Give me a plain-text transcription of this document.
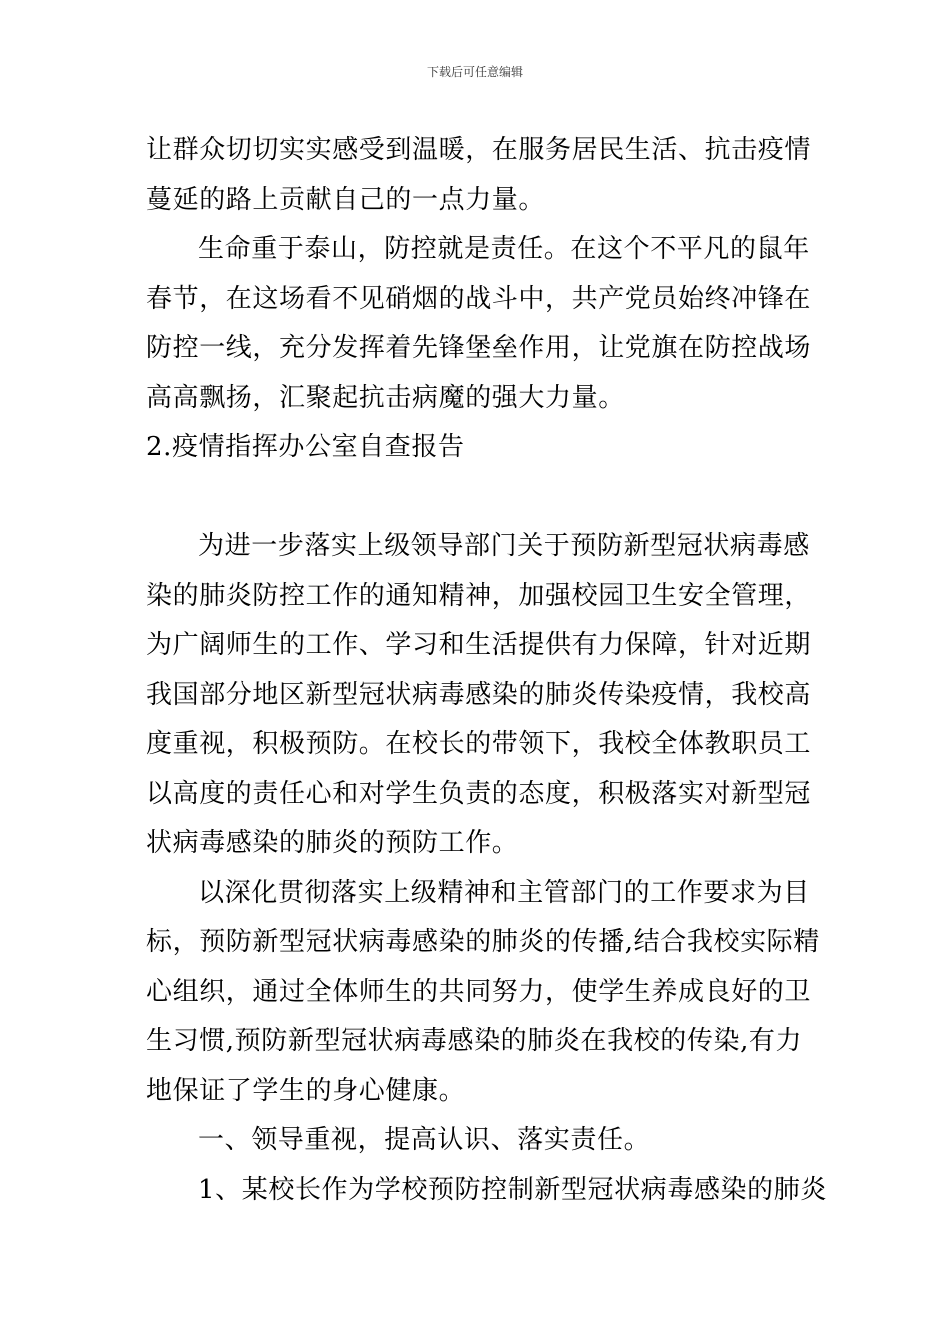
下载后可任意编辑
让群众切切实实感受到温暖，在服务居民生活、抗击疫情
蔓延的路上贡献自己的一点力量。
生命重于泰山，防控就是责任。在这个不平凡的鼠年
春节，在这场看不见硝烟的战斗中，共产党员始终冲锋在
防控一线，充分发挥着先锋堡垒作用，让党旗在防控战场
高高飘扬，汇聚起抗击病魔的强大力量。
2.疫情指挥办公室自查报告
为进一步落实上级领导部门关于预防新型冠状病毒感
染的肺炎防控工作的通知精神，加强校园卫生安全管理，
为广阔师生的工作、学习和生活提供有力保障，针对近期
我国部分地区新型冠状病毒感染的肺炎传染疫情，我校高
度重视，积极预防。在校长的带领下，我校全体教职员工
以高度的责任心和对学生负责的态度，积极落实对新型冠
状病毒感染的肺炎的预防工作。
以深化贯彻落实上级精神和主管部门的工作要求为目
标，预防新型冠状病毒感染的肺炎的传播,结合我校实际精
心组织，通过全体师生的共同努力，使学生养成良好的卫
生习惯,预防新型冠状病毒感染的肺炎在我校的传染,有力
地保证了学生的身心健康。
一、领导重视，提高认识、落实责任。
1、某校长作为学校预防控制新型冠状病毒感染的肺炎
